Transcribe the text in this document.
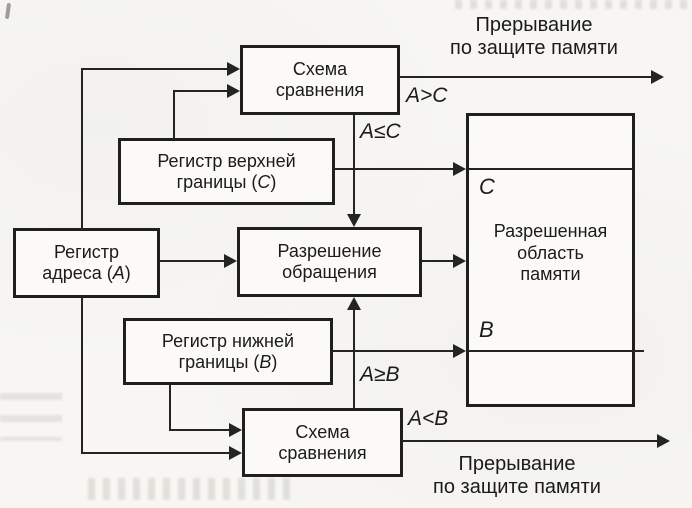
Схема
сравнения
Регистр верхней
границы (C)
Регистр
адреса (A)
Разрешение
обращения
Регистр нижней
границы (B)
Схема
сравнения
C
B
Разрешенная
область
памяти
A>C
A≤C
A≥B
A<B
Прерывание
по защите памяти
Прерывание
по защите памяти
